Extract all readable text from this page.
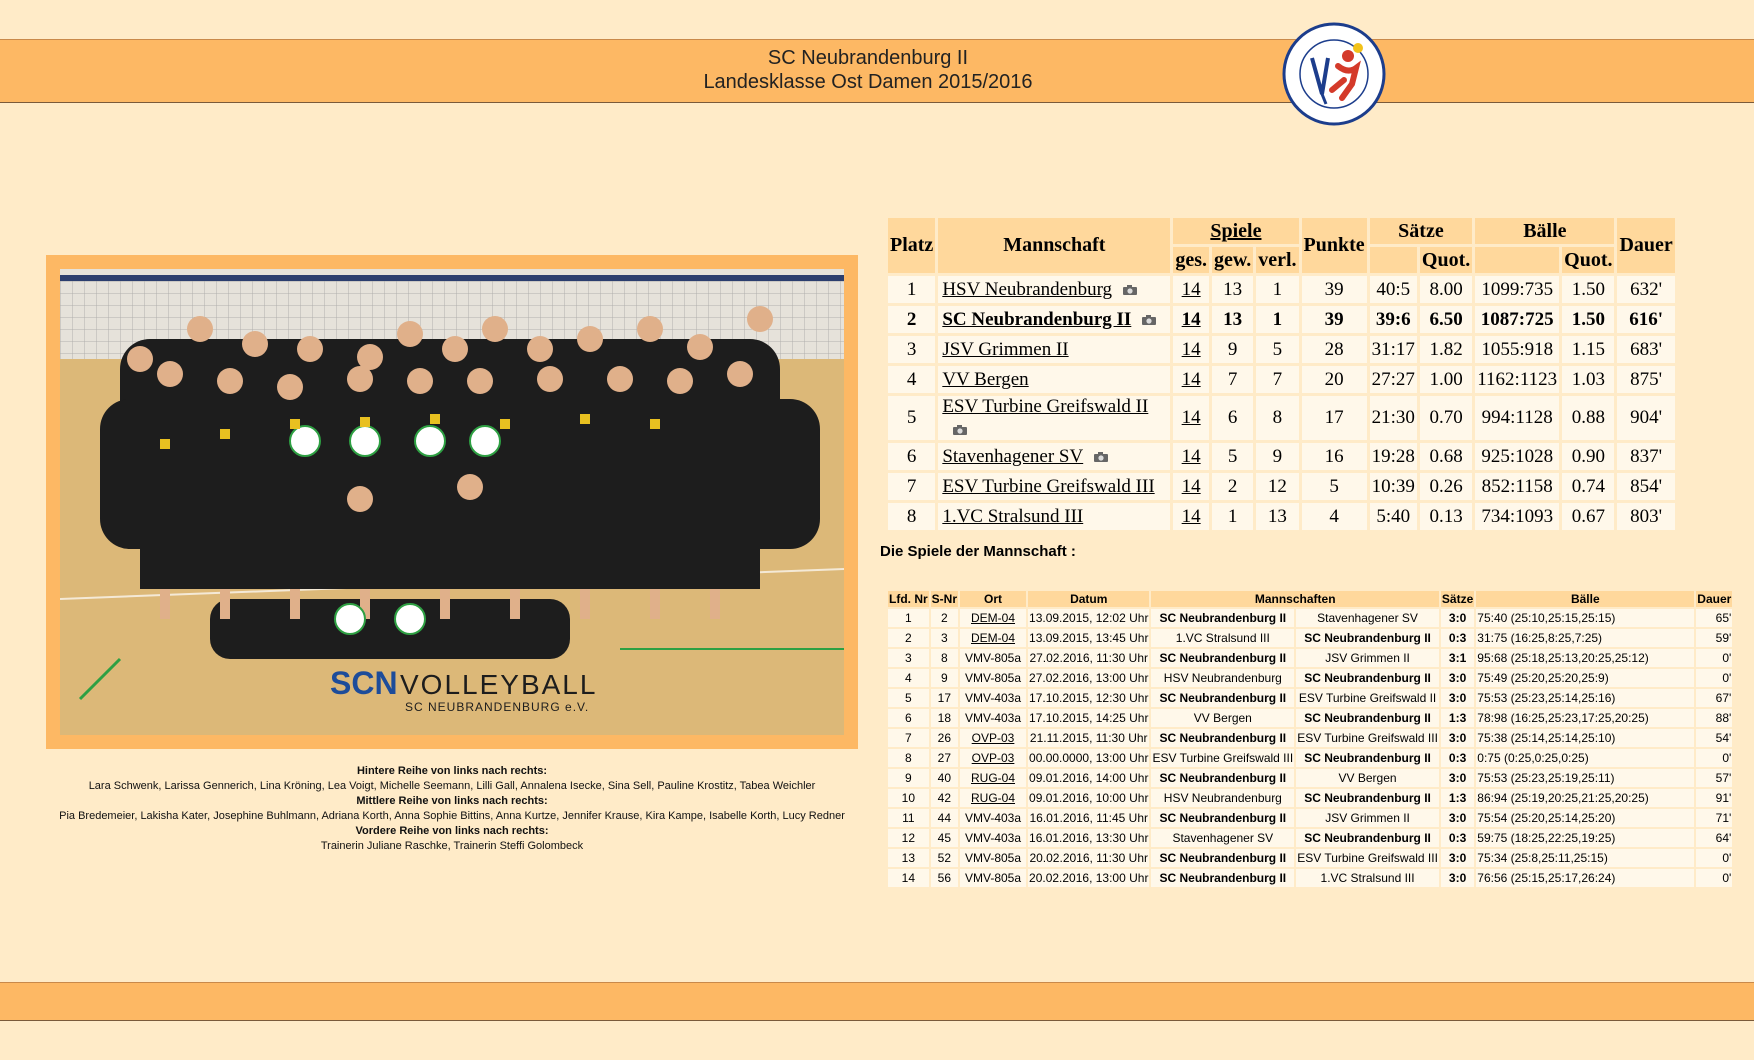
SC Neubrandenburg II
Landesklasse Ost Damen 2015/2016
SCN VOLLEYBALL
SC NEUBRANDENBURG e.V.
Hintere Reihe von links nach rechts:
Lara Schwenk, Larissa Gennerich, Lina Kröning, Lea Voigt, Michelle Seemann, Lilli Gall, Annalena Isecke, Sina Sell, Pauline Krostitz, Tabea Weichler
Mittlere Reihe von links nach rechts:
Pia Bredemeier, Lakisha Kater, Josephine Buhlmann, Adriana Korth, Anna Sophie Bittins, Anna Kurtze, Jennifer Krause, Kira Kampe, Isabelle Korth, Lucy Redner
Vordere Reihe von links nach rechts:
Trainerin Juliane Raschke, Trainerin Steffi Golombeck
Platz	Mannschaft	Spiele			Punkte	Sätze		Bälle		Dauer
		ges.	gew.	verl.			Quot.		Quot.	
1	HSV Neubrandenburg	14	13	1	39	40:5	8.00	1099:735	1.50	632'
2	SC Neubrandenburg II	14	13	1	39	39:6	6.50	1087:725	1.50	616'
3	JSV Grimmen II	14	9	5	28	31:17	1.82	1055:918	1.15	683'
4	VV Bergen	14	7	7	20	27:27	1.00	1162:1123	1.03	875'
5	ESV Turbine Greifswald II	14	6	8	17	21:30	0.70	994:1128	0.88	904'
6	Stavenhagener SV	14	5	9	16	19:28	0.68	925:1028	0.90	837'
7	ESV Turbine Greifswald III	14	2	12	5	10:39	0.26	852:1158	0.74	854'
8	1.VC Stralsund III	14	1	13	4	5:40	0.13	734:1093	0.67	803'
Die Spiele der Mannschaft :
Lfd. Nr	S-Nr	Ort	Datum	Mannschaften		Sätze	Bälle	Dauer
1	2	DEM-04	13.09.2015, 12:02 Uhr	SC Neubrandenburg II	Stavenhagener SV	3:0	75:40 (25:10,25:15,25:15)	65'
2	3	DEM-04	13.09.2015, 13:45 Uhr	1.VC Stralsund III	SC Neubrandenburg II	0:3	31:75 (16:25,8:25,7:25)	59'
3	8	VMV-805a	27.02.2016, 11:30 Uhr	SC Neubrandenburg II	JSV Grimmen II	3:1	95:68 (25:18,25:13,20:25,25:12)	0'
4	9	VMV-805a	27.02.2016, 13:00 Uhr	HSV Neubrandenburg	SC Neubrandenburg II	3:0	75:49 (25:20,25:20,25:9)	0'
5	17	VMV-403a	17.10.2015, 12:30 Uhr	SC Neubrandenburg II	ESV Turbine Greifswald II	3:0	75:53 (25:23,25:14,25:16)	67'
6	18	VMV-403a	17.10.2015, 14:25 Uhr	VV Bergen	SC Neubrandenburg II	1:3	78:98 (16:25,25:23,17:25,20:25)	88'
7	26	OVP-03	21.11.2015, 11:30 Uhr	SC Neubrandenburg II	ESV Turbine Greifswald III	3:0	75:38 (25:14,25:14,25:10)	54'
8	27	OVP-03	00.00.0000, 13:00 Uhr	ESV Turbine Greifswald III	SC Neubrandenburg II	0:3	0:75 (0:25,0:25,0:25)	0'
9	40	RUG-04	09.01.2016, 14:00 Uhr	SC Neubrandenburg II	VV Bergen	3:0	75:53 (25:23,25:19,25:11)	57'
10	42	RUG-04	09.01.2016, 10:00 Uhr	HSV Neubrandenburg	SC Neubrandenburg II	1:3	86:94 (25:19,20:25,21:25,20:25)	91'
11	44	VMV-403a	16.01.2016, 11:45 Uhr	SC Neubrandenburg II	JSV Grimmen II	3:0	75:54 (25:20,25:14,25:20)	71'
12	45	VMV-403a	16.01.2016, 13:30 Uhr	Stavenhagener SV	SC Neubrandenburg II	0:3	59:75 (18:25,22:25,19:25)	64'
13	52	VMV-805a	20.02.2016, 11:30 Uhr	SC Neubrandenburg II	ESV Turbine Greifswald III	3:0	75:34 (25:8,25:11,25:15)	0'
14	56	VMV-805a	20.02.2016, 13:00 Uhr	SC Neubrandenburg II	1.VC Stralsund III	3:0	76:56 (25:15,25:17,26:24)	0'
